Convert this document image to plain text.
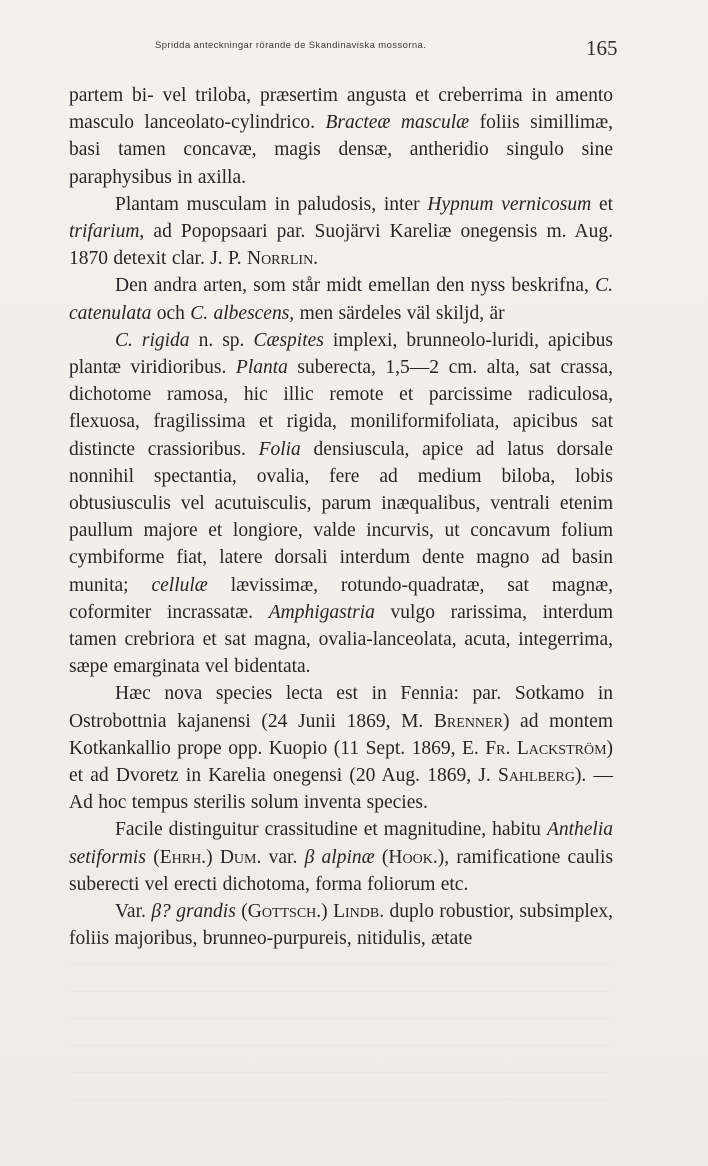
Spridda anteckningar rörande de Skandinaviska mossorna.	165

partem bi- vel triloba, præsertim angusta et creberrima in amento masculo lanceolato-cylindrico. Bracteæ masculæ foliis simillimæ, basi tamen concavæ, magis densæ, antheridio singulo sine paraphysibus in axilla.

Plantam musculam in paludosis, inter Hypnum vernicosum et trifarium, ad Popopsaari par. Suojärvi Kareliæ onegensis m. Aug. 1870 detexit clar. J. P. Norrlin.

Den andra arten, som står midt emellan den nyss beskrifna, C. catenulata och C. albescens, men särdeles väl skiljd, är

C. rigida n. sp. Cæspites implexi, brunneolo-luridi, apicibus plantæ viridioribus. Planta suberecta, 1,5—2 cm. alta, sat crassa, dichotome ramosa, hic illic remote et parcissime radiculosa, flexuosa, fragilissima et rigida, moniliformifoliata, apicibus sat distincte crassioribus. Folia densiuscula, apice ad latus dorsale nonnihil spectantia, ovalia, fere ad medium biloba, lobis obtusiusculis vel acutuisculis, parum inæqualibus, ventrali etenim paullum majore et longiore, valde incurvis, ut concavum folium cymbiforme fiat, latere dorsali interdum dente magno ad basin munita; cellulæ lævissimæ, rotundo-quadratæ, sat magnæ, coformiter incrassatæ. Amphigastria vulgo rarissima, interdum tamen crebriora et sat magna, ovalia-lanceolata, acuta, integerrima, sæpe emarginata vel bidentata.

Hæc nova species lecta est in Fennia: par. Sotkamo in Ostrobottnia kajanensi (24 Junii 1869, M. Brenner) ad montem Kotkankallio prope opp. Kuopio (11 Sept. 1869, E. Fr. Lackström) et ad Dvoretz in Karelia onegensi (20 Aug. 1869, J. Sahlberg). — Ad hoc tempus sterilis solum inventa species.

Facile distinguitur crassitudine et magnitudine, habitu Anthelia setiformis (Ehrh.) Dum. var. β alpinæ (Hook.), ramificatione caulis suberecti vel erecti dichotoma, forma foliorum etc.

Var. β? grandis (Gottsch.) Lindb. duplo robustior, subsimplex, foliis majoribus, brunneo-purpureis, nitidulis, ætate
